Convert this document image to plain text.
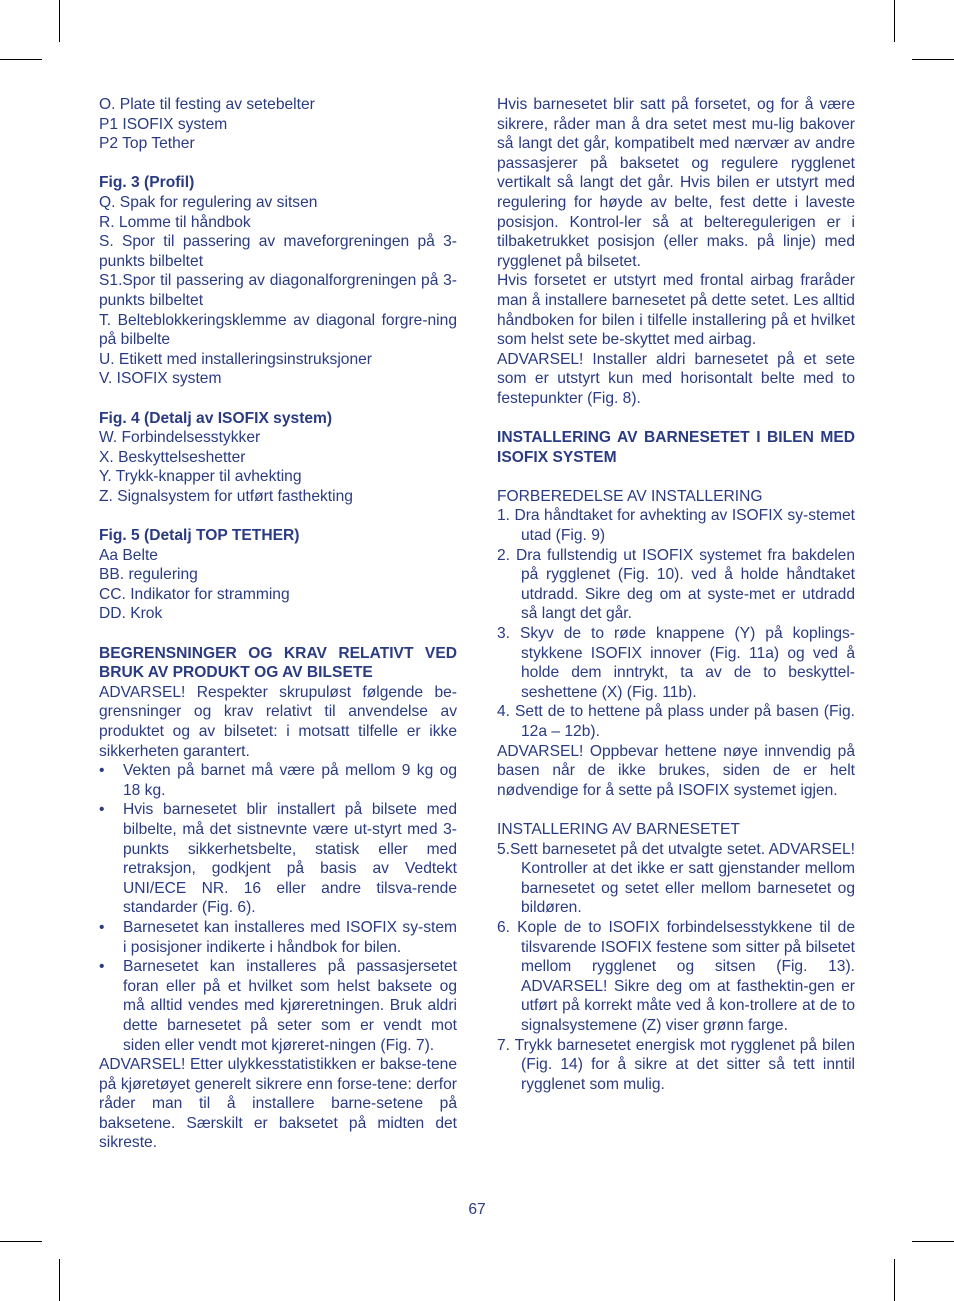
O. Plate til festing av setebelter

P1 ISOFIX system

P2 Top Tether

Fig. 3 (Profil)

Q. Spak for regulering av sitsen

R. Lomme til håndbok

S. Spor til passering av maveforgreningen på 3-punkts bilbeltet

S1.Spor til passering av diagonalforgreningen på 3-punkts bilbeltet

T. Belteblokkeringsklemme av diagonal forgre-ning på bilbelte

U. Etikett med installeringsinstruksjoner

V. ISOFIX system

Fig. 4 (Detalj av ISOFIX system)

W. Forbindelsesstykker

X. Beskyttelseshetter

Y. Trykk-knapper til avhekting

Z. Signalsystem for utført fasthekting

Fig. 5 (Detalj TOP TETHER)

Aa Belte

BB. regulering

CC. Indikator for stramming

DD. Krok

BEGRENSNINGER OG KRAV RELATIVT VED BRUK AV PRODUKT OG AV BILSETE

ADVARSEL! Respekter skrupuløst følgende be-grensninger og krav relativt til anvendelse av produktet og av bilsetet: i motsatt tilfelle er ikke sikkerheten garantert.

• Vekten på barnet må være på mellom 9 kg og 18 kg.
• Hvis barnesetet blir installert på bilsete med bilbelte, må det sistnevnte være ut-styrt med 3-punkts sikkerhetsbelte, statisk eller med retraksjon, godkjent på basis av Vedtekt UNI/ECE NR. 16 eller andre tilsva-rende standarder (Fig. 6).
• Barnesetet kan installeres med ISOFIX sy-stem i posisjoner indikerte i håndbok for bilen.
• Barnesetet kan installeres på passasjersetet foran eller på et hvilket som helst baksete og må alltid vendes med kjøreretningen. Bruk aldri dette barnesetet på seter som er vendt mot siden eller vendt mot kjøreret-ningen (Fig. 7).

ADVARSEL! Etter ulykkesstatistikken er bakse-tene på kjøretøyet generelt sikrere enn forse-tene: derfor råder man til å installere barne-setene på baksetene. Særskilt er baksetet på midten det sikreste.

Hvis barnesetet blir satt på forsetet, og for å være sikrere, råder man å dra setet mest mu-lig bakover så langt det går, kompatibelt med nærvær av andre passasjerer på baksetet og regulere rygglenet vertikalt så langt det går. Hvis bilen er utstyrt med regulering for høyde av belte, fest dette i laveste posisjon. Kontrol-ler så at belteregulerigen er i tilbaketrukket posisjon (eller maks. på linje) med rygglenet på bilsetet.

Hvis forsetet er utstyrt med frontal airbag fraråder man å installere barnesetet på dette setet. Les alltid håndboken for bilen i tilfelle installering på et hvilket som helst sete be-skyttet med airbag.

ADVARSEL! Installer aldri barnesetet på et sete som er utstyrt kun med horisontalt belte med to festepunkter (Fig. 8).

INSTALLERING AV BARNESETET I BILEN MED ISOFIX SYSTEM

FORBEREDELSE AV INSTALLERING

1. Dra håndtaket for avhekting av ISOFIX sy-stemet utad (Fig. 9)
2. Dra fullstendig ut ISOFIX systemet fra bakdelen på rygglenet (Fig. 10). ved å holde håndtaket utdradd. Sikre deg om at syste-met er utdradd så langt det går.
3. Skyv de to røde knappene (Y) på koplings-stykkene ISOFIX innover (Fig. 11a) og ved å holde dem inntrykt, ta av de to beskyttel-seshettene (X) (Fig. 11b).
4. Sett de to hettene på plass under på basen (Fig. 12a – 12b).

ADVARSEL! Oppbevar hettene nøye innvendig på basen når de ikke brukes, siden de er helt nødvendige for å sette på ISOFIX systemet igjen.

INSTALLERING AV BARNESETET

5.Sett barnesetet på det utvalgte setet. ADVARSEL! Kontroller at det ikke er satt gjenstander mellom barnesetet og setet eller mellom barnesetet og bildøren.
6. Kople de to ISOFIX forbindelsesstykkene til de tilsvarende ISOFIX festene som sitter på bilsetet mellom rygglenet og sitsen (Fig. 13). ADVARSEL! Sikre deg om at fasthektin-gen er utført på korrekt måte ved å kon-trollere at de to signalsystemene (Z) viser grønn farge.
7. Trykk barnesetet energisk mot rygglenet på bilen (Fig. 14) for å sikre at det sitter så tett inntil rygglenet som mulig.
67
